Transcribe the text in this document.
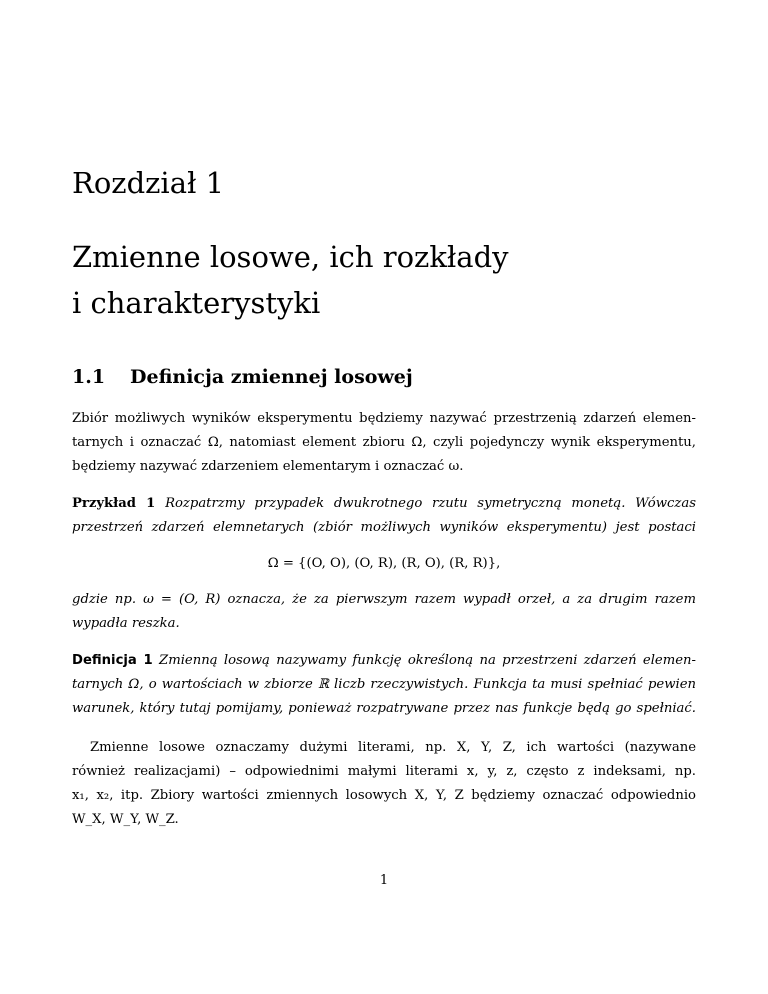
Rozdział 1
Zmienne losowe, ich rozkłady
i charakterystyki
1.1 Definicja zmiennej losowej
Zbiór możliwych wyników eksperymentu będziemy nazywać przestrzenią zdarzeń elemen-
tarnych i oznaczać Ω, natomiast element zbioru Ω, czyli pojedynczy wynik eksperymentu,
będziemy nazywać zdarzeniem elementarym i oznaczać ω.
Przykład 1 Rozpatrzmy przypadek dwukrotnego rzutu symetryczną monetą. Wówczas
przestrzeń zdarzeń elemnetarych (zbiór możliwych wyników eksperymentu) jest postaci
Ω = {(O, O), (O, R), (R, O), (R, R)},
gdzie np. ω = (O, R) oznacza, że za pierwszym razem wypadł orzeł, a za drugim razem
wypadła reszka.
Definicja 1 Zmienną losową nazywamy funkcję określoną na przestrzeni zdarzeń elemen-
tarnych Ω, o wartościach w zbiorze ℝ liczb rzeczywistych. Funkcja ta musi spełniać pewien
warunek, który tutaj pomijamy, ponieważ rozpatrywane przez nas funkcje będą go spełniać.
Zmienne losowe oznaczamy dużymi literami, np. X, Y, Z, ich wartości (nazywane
również realizacjami) – odpowiednimi małymi literami x, y, z, często z indeksami, np.
x₁, x₂, itp. Zbiory wartości zmiennych losowych X, Y, Z będziemy oznaczać odpowiednio
W_X, W_Y, W_Z.
1
